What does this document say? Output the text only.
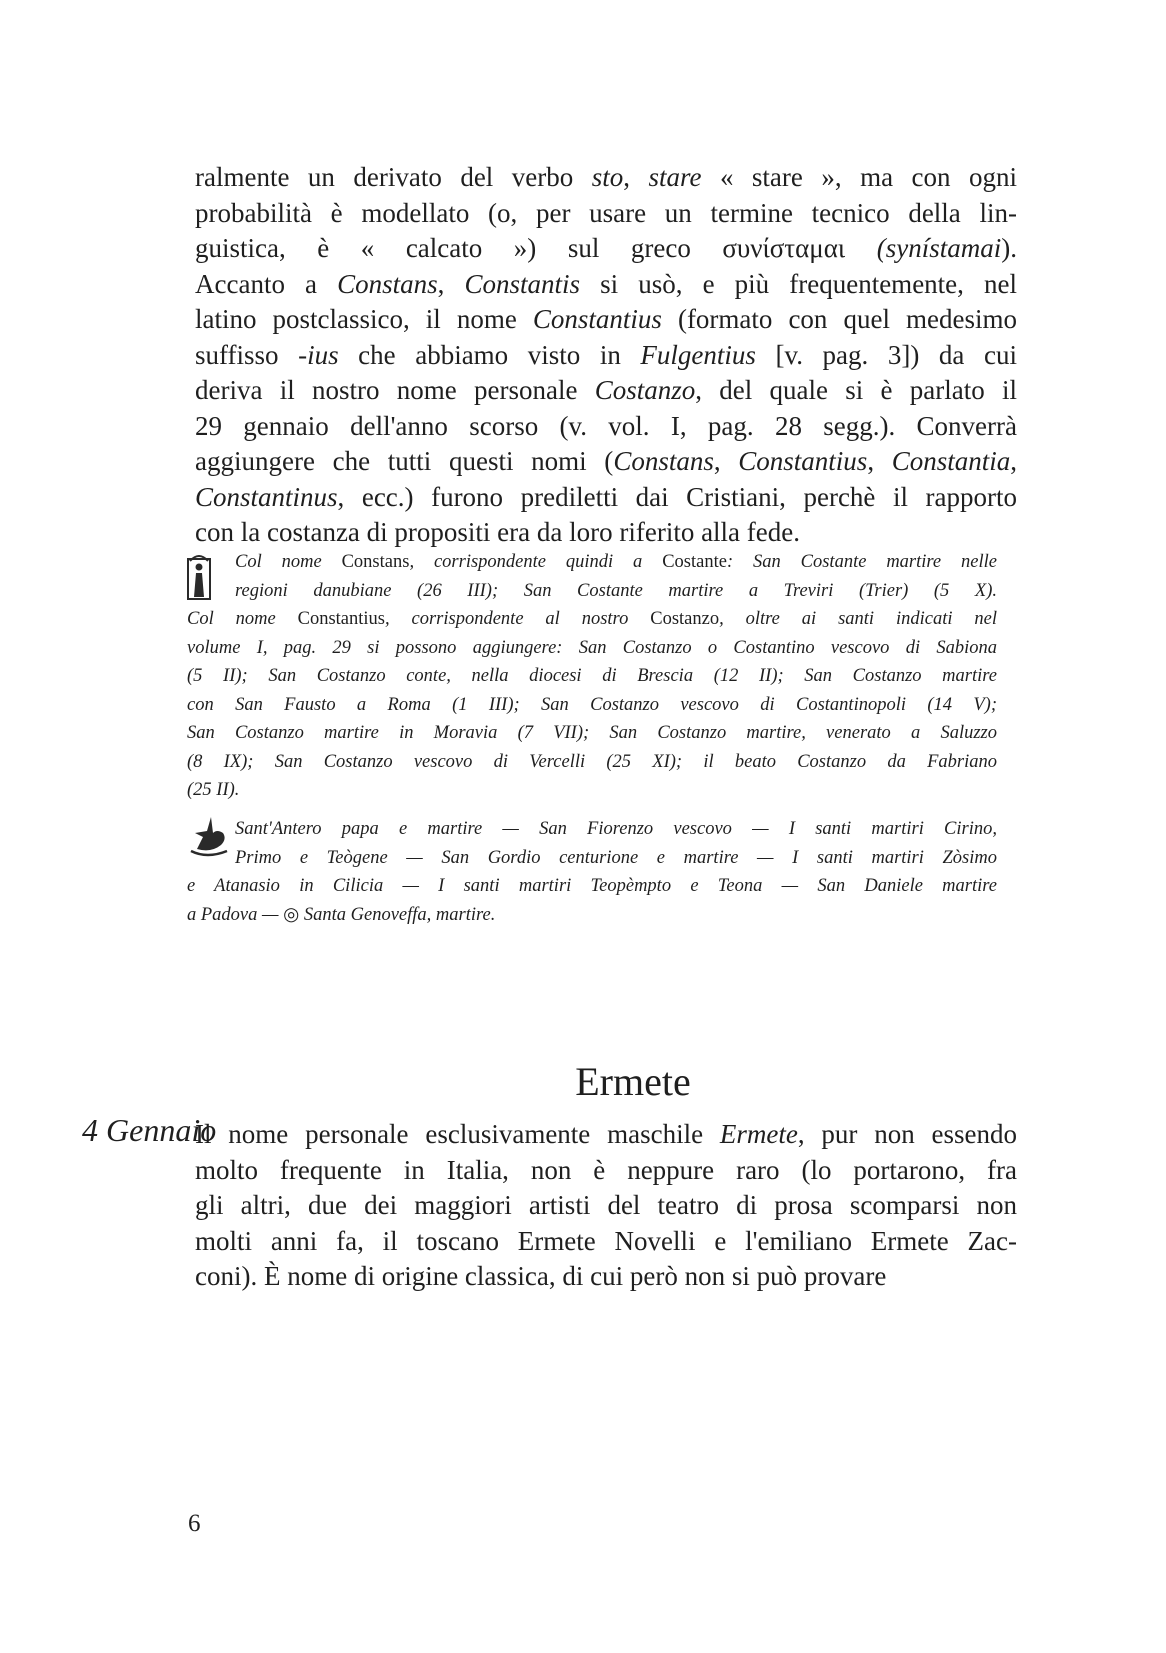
ralmente un derivato del verbo sto, stare « stare », ma con ogni
probabilità è modellato (o, per usare un termine tecnico della lin-
guistica, è « calcato ») sul greco συνίσταμαι (synístamai).
Accanto a Constans, Constantis si usò, e più frequentemente, nel
latino postclassico, il nome Constantius (formato con quel medesimo
suffisso -ius che abbiamo visto in Fulgentius [v. pag. 3]) da cui
deriva il nostro nome personale Costanzo, del quale si è parlato il
29 gennaio dell'anno scorso (v. vol. I, pag. 28 segg.). Converrà
aggiungere che tutti questi nomi (Constans, Constantius, Constantia,
Constantinus, ecc.) furono prediletti dai Cristiani, perchè il rapporto
con la costanza di propositi era da loro riferito alla fede.
Col nome Constans, corrispondente quindi a Costante: San Costante martire nelle
regioni danubiane (26 III); San Costante martire a Treviri (Trier) (5 X).
Col nome Constantius, corrispondente al nostro Costanzo, oltre ai santi indicati nel
volume I, pag. 29 si possono aggiungere: San Costanzo o Costantino vescovo di Sabiona
(5 II); San Costanzo conte, nella diocesi di Brescia (12 II); San Costanzo martire
con San Fausto a Roma (1 III); San Costanzo vescovo di Costantinopoli (14 V);
San Costanzo martire in Moravia (7 VII); San Costanzo martire, venerato a Saluzzo
(8 IX); San Costanzo vescovo di Vercelli (25 XI); il beato Costanzo da Fabriano
(25 II).
Sant'Antero papa e martire — San Fiorenzo vescovo — I santi martiri Cirino,
Primo e Teògene — San Gordio centurione e martire — I santi martiri Zòsimo
e Atanasio in Cilicia — I santi martiri Teopèmpto e Teona — San Daniele martire
a Padova — ◎ Santa Genoveffa, martire.
Ermete
4 Gennaio
Il nome personale esclusivamente maschile Ermete, pur non essendo
molto frequente in Italia, non è neppure raro (lo portarono, fra
gli altri, due dei maggiori artisti del teatro di prosa scomparsi non
molti anni fa, il toscano Ermete Novelli e l'emiliano Ermete Zac-
coni). È nome di origine classica, di cui però non si può provare
6
